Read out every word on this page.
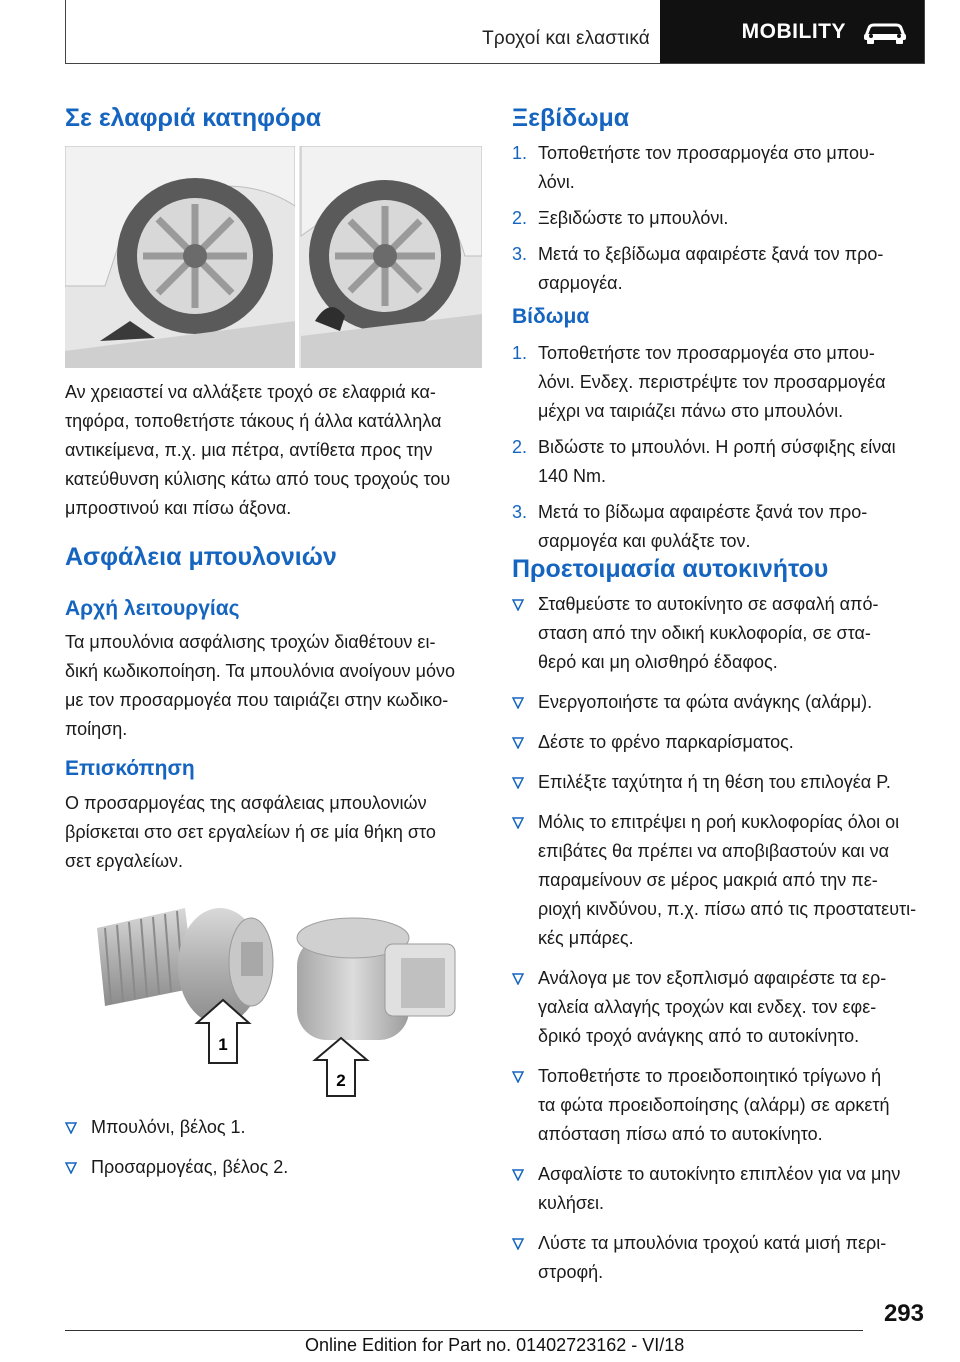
Τροχοί και ελαστικά	MOBILITY
Σε ελαφριά κατηφόρα

Αν χρειαστεί να αλλάξετε τροχό σε ελαφριά κα-

τηφόρα, τοποθετήστε τάκους ή άλλα κατάλληλα

αντικείμενα, π.χ. μια πέτρα, αντίθετα προς την

κατεύθυνση κύλισης κάτω από τους τροχούς του

μπροστινού και πίσω άξονα.

Ασφάλεια μπουλονιών
Αρχή λειτουργίας

Τα μπουλόνια ασφάλισης τροχών διαθέτουν ει-

δική κωδικοποίηση. Τα μπουλόνια ανοίγουν μόνο

με τον προσαρμογέα που ταιριάζει στην κωδικο-

ποίηση.

Επισκόπηση

Ο προσαρμογέας της ασφάλειας μπουλονιών

βρίσκεται στο σετ εργαλείων ή σε μία θήκη στο

σετ εργαλείων.

1
2
Μπουλόνι, βέλος 1.
Προσαρμογέας, βέλος 2.
Ξεβίδωμα
1. Τοποθετήστε τον προσαρμογέα στο μπου-
λόνι.
2. Ξεβιδώστε το μπουλόνι.
3. Μετά το ξεβίδωμα αφαιρέστε ξανά τον προ-
σαρμογέα.
Βίδωμα
1. Τοποθετήστε τον προσαρμογέα στο μπου-
λόνι. Ενδεχ. περιστρέψτε τον προσαρμογέα
μέχρι να ταιριάζει πάνω στο μπουλόνι.
2. Βιδώστε το μπουλόνι. Η ροπή σύσφιξης είναι
140 Nm.
3. Μετά το βίδωμα αφαιρέστε ξανά τον προ-
σαρμογέα και φυλάξτε τον.
Προετοιμασία αυτοκινήτου
Σταθμεύστε το αυτοκίνητο σε ασφαλή από-
σταση από την οδική κυκλοφορία, σε στα-
θερό και μη ολισθηρό έδαφος.
Ενεργοποιήστε τα φώτα ανάγκης (αλάρμ).
Δέστε το φρένο παρκαρίσματος.
Επιλέξτε ταχύτητα ή τη θέση του επιλογέα P.
Μόλις το επιτρέψει η ροή κυκλοφορίας όλοι οι
επιβάτες θα πρέπει να αποβιβαστούν και να
παραμείνουν σε μέρος μακριά από την πε-
ριοχή κινδύνου, π.χ. πίσω από τις προστατευτι-
κές μπάρες.
Ανάλογα με τον εξοπλισμό αφαιρέστε τα ερ-
γαλεία αλλαγής τροχών και ενδεχ. τον εφε-
δρικό τροχό ανάγκης από το αυτοκίνητο.
Τοποθετήστε το προειδοποιητικό τρίγωνο ή
τα φώτα προειδοποίησης (αλάρμ) σε αρκετή
απόσταση πίσω από το αυτοκίνητο.
Ασφαλίστε το αυτοκίνητο επιπλέον για να μην
κυλήσει.
Λύστε τα μπουλόνια τροχού κατά μισή περι-
στροφή.
293
Online Edition for Part no. 01402723162 - VI/18
